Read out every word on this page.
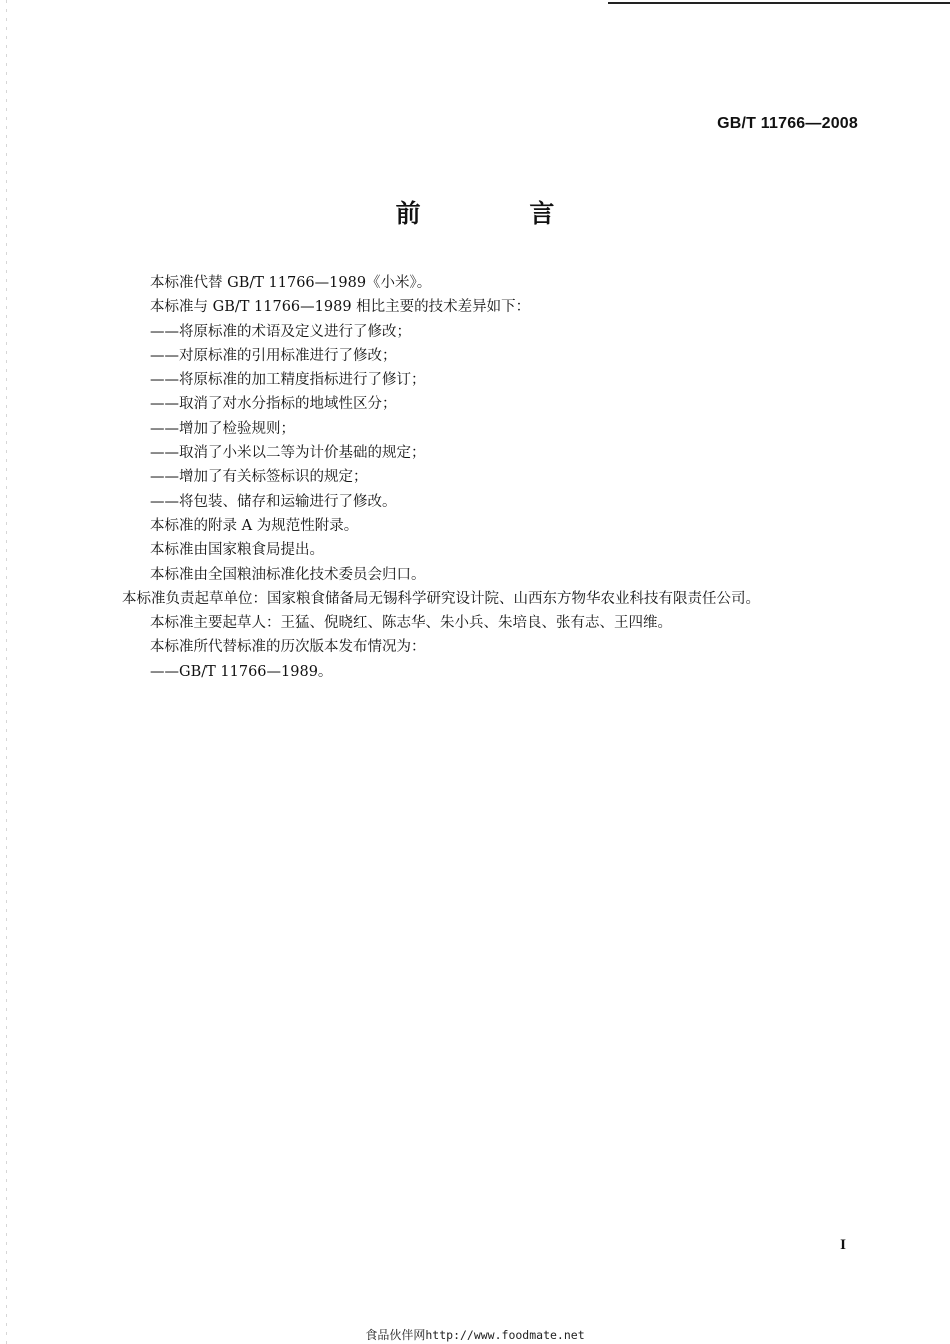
GB/T 11766—2008
前 言

本标准代替 GB/T 11766—1989《小米》。

本标准与 GB/T 11766—1989 相比主要的技术差异如下：

——将原标准的术语及定义进行了修改；

——对原标准的引用标准进行了修改；

——将原标准的加工精度指标进行了修订；

——取消了对水分指标的地域性区分；

——增加了检验规则；

——取消了小米以二等为计价基础的规定；

——增加了有关标签标识的规定；

——将包装、储存和运输进行了修改。

本标准的附录 A 为规范性附录。

本标准由国家粮食局提出。

本标准由全国粮油标准化技术委员会归口。

本标准负责起草单位：国家粮食储备局无锡科学研究设计院、山西东方物华农业科技有限责任公司。

本标准主要起草人：王猛、倪晓红、陈志华、朱小兵、朱培良、张有志、王四维。

本标准所代替标准的历次版本发布情况为：

——GB/T 11766—1989。

I
食品伙伴网http://www.foodmate.net
